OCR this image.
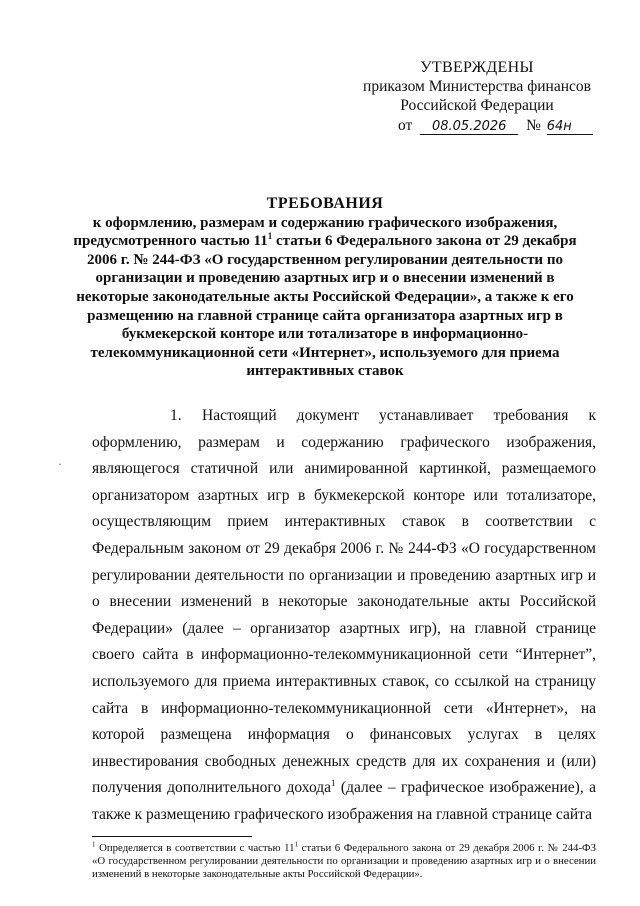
УТВЕРЖДЕНЫ
приказом Министерства финансов
Российской Федерации
от 08.05.2026 № 64н
ТРЕБОВАНИЯ
к оформлению, размерам и содержанию графического изображения, предусмотренного частью $11^1$ статьи 6 Федерального закона от 29 декабря 2006 г. № 244-ФЗ «О государственном регулировании деятельности по организации и проведению азартных игр и о внесении изменений в некоторые законодательные акты Российской Федерации», а также к его размещению на главной странице сайта организатора азартных игр в букмекерской конторе или тотализаторе в информационно-телекоммуникационной сети «Интернет», используемого для приема интерактивных ставок
˯
1. Настоящий документ устанавливает требования к оформлению, размерам и содержанию графического изображения, являющегося статичной или анимированной картинкой, размещаемого организатором азартных игр в букмекерской конторе или тотализаторе, осуществляющим прием интерактивных ставок в соответствии с Федеральным законом от 29 декабря 2006 г. № 244-ФЗ «О государственном регулировании деятельности по организации и проведению азартных игр и о внесении изменений в некоторые законодательные акты Российской Федерации» (далее – организатор азартных игр), на главной странице своего сайта в информационно-телекоммуникационной сети “Интернет”, используемого для приема интерактивных ставок, со ссылкой на страницу сайта в информационно-телекоммуникационной сети «Интернет», на которой размещена информация о финансовых услугах в целях инвестирования свободных денежных средств для их сохранения и (или) получения дополнительного дохода$^1$ (далее – графическое изображение), а также к размещению графического изображения на главной странице сайта
$^1$ Определяется в соответствии с частью $11^1$ статьи 6 Федерального закона от 29 декабря 2006 г. № 244-ФЗ «О государственном регулировании деятельности по организации и проведению азартных игр и о внесении изменений в некоторые законодательные акты Российской Федерации».
